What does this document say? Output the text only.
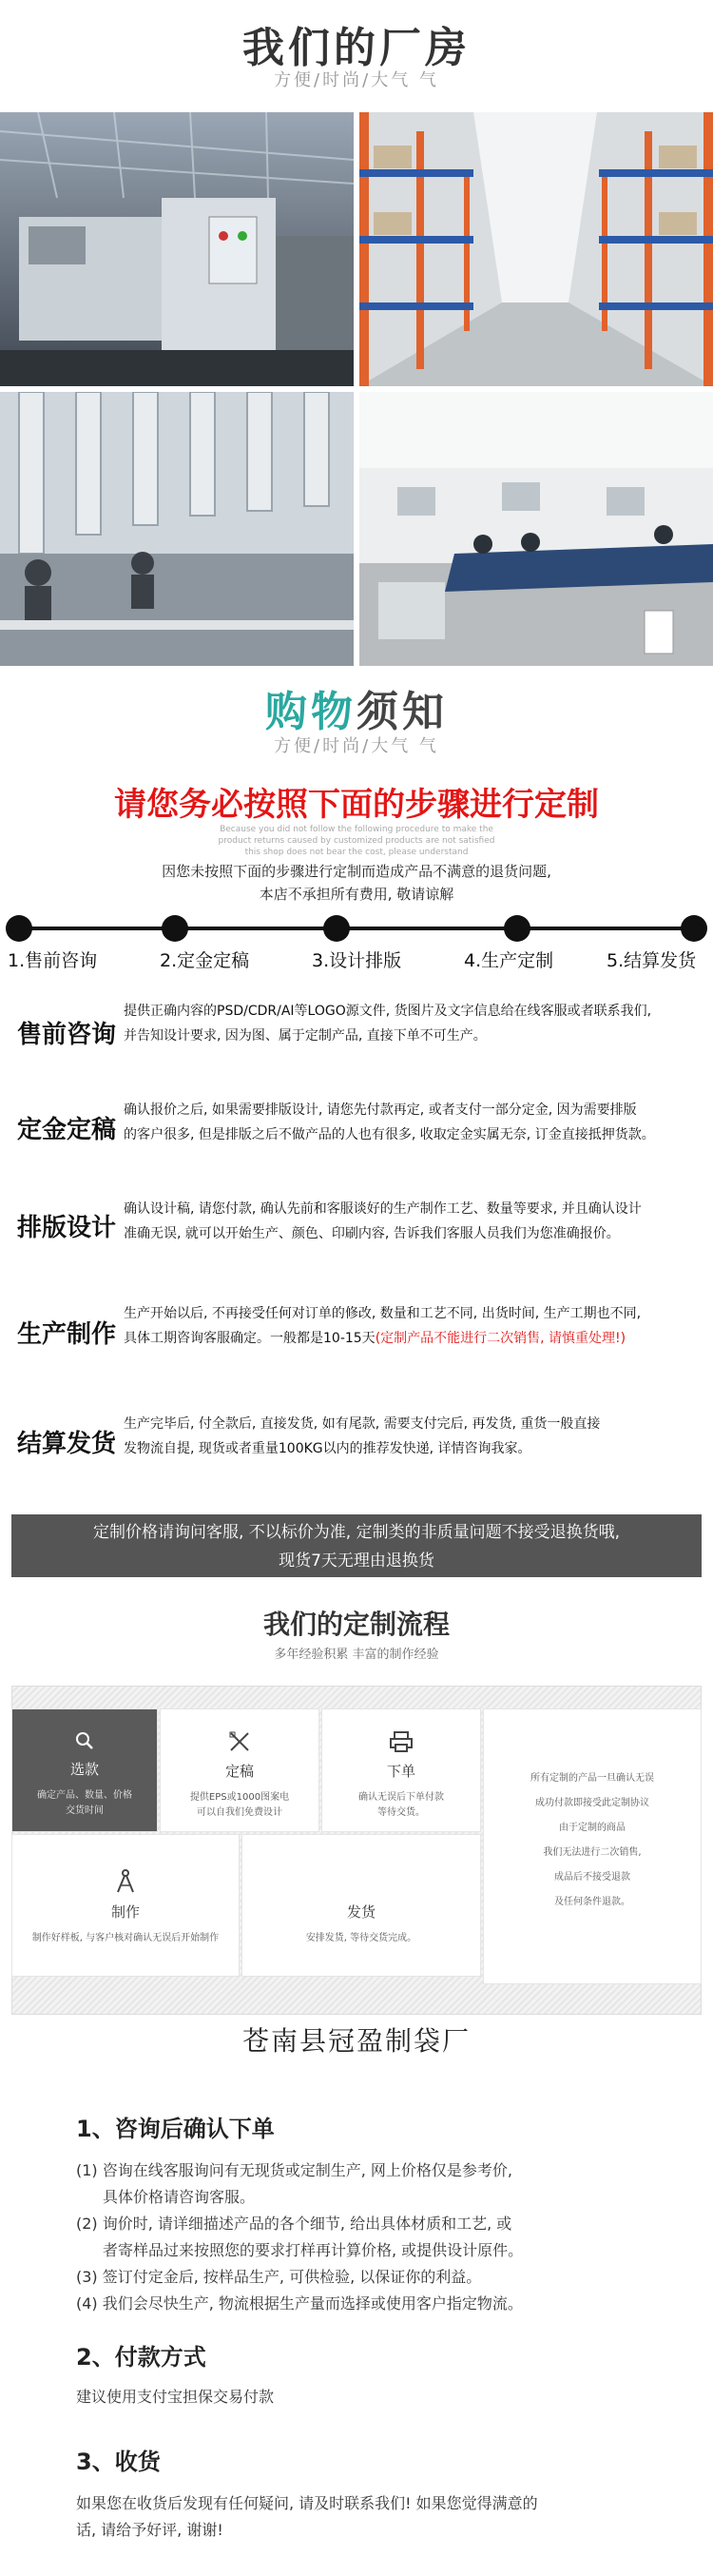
我们的厂房
方便/时尚/大气 气
购物须知
方便/时尚/大气 气
请您务必按照下面的步骤进行定制
Because you did not follow the following procedure to make the
product returns caused by customized products are not satisfied
this shop does not bear the cost, please understand
因您未按照下面的步骤进行定制而造成产品不满意的退货问题,
本店不承担所有费用, 敬请谅解
1.售前咨询	2.定金定稿	3.设计排版	4.生产定制	5.结算发货
售前咨询
提供正确内容的PSD/CDR/AI等LOGO源文件, 货图片及文字信息给在线客服或者联系我们,
并告知设计要求, 因为图、属于定制产品, 直接下单不可生产。
定金定稿
确认报价之后, 如果需要排版设计, 请您先付款再定, 或者支付一部分定金, 因为需要排版
的客户很多, 但是排版之后不做产品的人也有很多, 收取定金实属无奈, 订金直接抵押货款。
排版设计
确认设计稿, 请您付款, 确认先前和客服谈好的生产制作工艺、数量等要求, 并且确认设计
准确无误, 就可以开始生产、颜色、印刷内容, 告诉我们客服人员我们为您准确报价。
生产制作
生产开始以后, 不再接受任何对订单的修改, 数量和工艺不同, 出货时间, 生产工期也不同,
具体工期咨询客服确定。一般都是10-15天(定制产品不能进行二次销售, 请慎重处理!)
结算发货
生产完毕后, 付全款后, 直接发货, 如有尾款, 需要支付完后, 再发货, 重货一般直接
发物流自提, 现货或者重量100KG以内的推荐发快递, 详情咨询我家。
定制价格请询问客服, 不以标价为准, 定制类的非质量问题不接受退换货哦,
现货7天无理由退换货
我们的定制流程
多年经验积累 丰富的制作经验
选款
确定产品、数量、价格
交货时间
定稿
提供EPS或1000图案电
可以自我们免费设计
下单
确认无误后下单付款
等待交货。
所有定制的产品一旦确认无误
成功付款即接受此定制协议
由于定制的商品
我们无法进行二次销售,
成品后不接受退款
及任何条件退款。
制作
制作好样板, 与客户核对确认无误后开始制作
发货
安排发货, 等待交货完成。
苍南县冠盈制袋厂
1、咨询后确认下单
(1) 咨询在线客服询问有无现货或定制生产, 网上价格仅是参考价,
具体价格请咨询客服。
(2) 询价时, 请详细描述产品的各个细节, 给出具体材质和工艺, 或
者寄样品过来按照您的要求打样再计算价格, 或提供设计原件。
(3) 签订付定金后, 按样品生产, 可供检验, 以保证你的利益。
(4) 我们会尽快生产, 物流根据生产量而选择或使用客户指定物流。
2、付款方式
建议使用支付宝担保交易付款
3、收货
如果您在收货后发现有任何疑问, 请及时联系我们! 如果您觉得满意的
话, 请给予好评, 谢谢!
